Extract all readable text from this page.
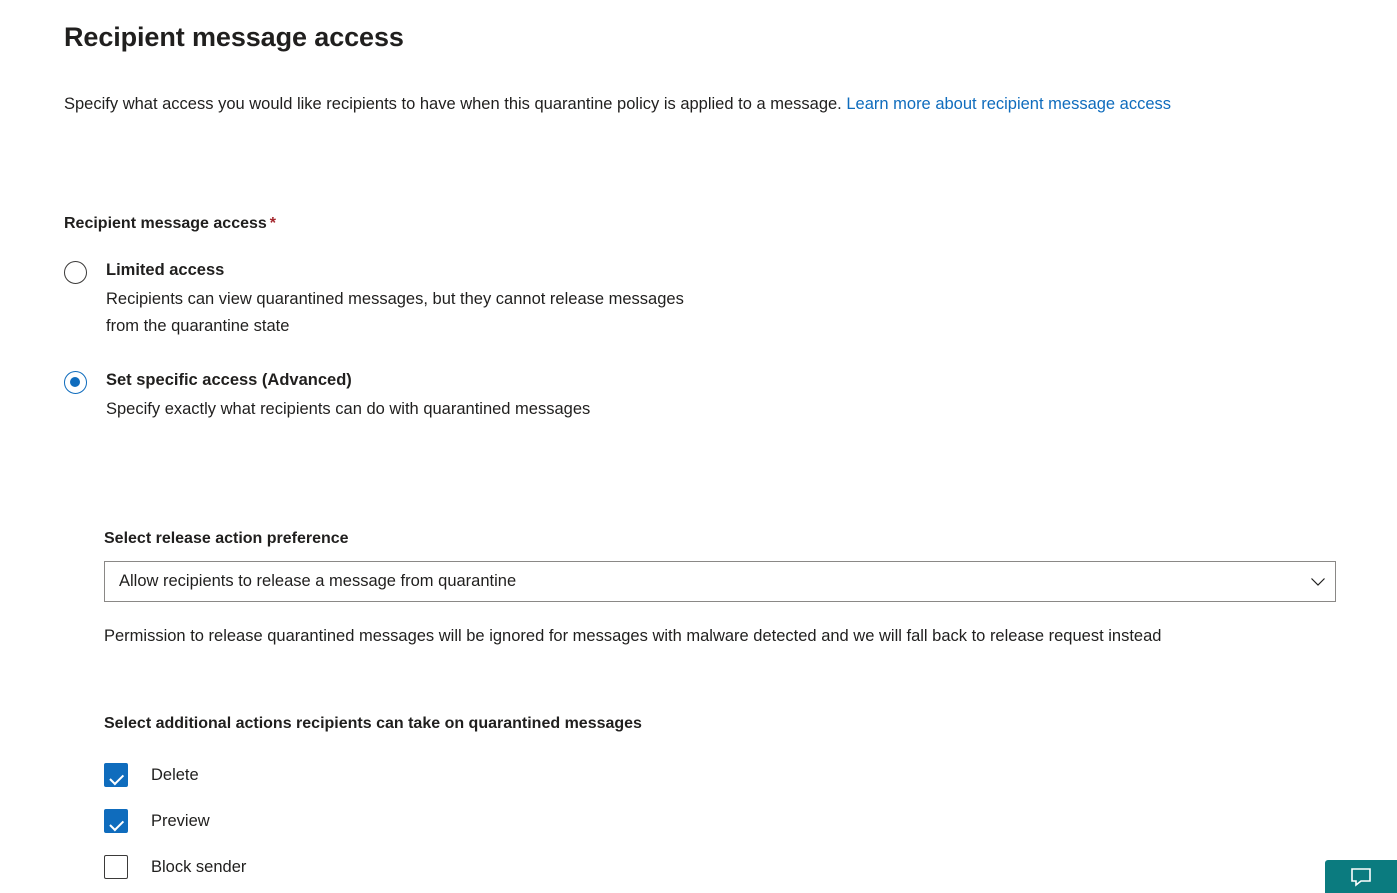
Recipient message access
Specify what access you would like recipients to have when this quarantine policy is applied to a message. Learn more about recipient message access
Recipient message access *
Limited access
Recipients can view quarantined messages, but they cannot release messages
from the quarantine state
Set specific access (Advanced)
Specify exactly what recipients can do with quarantined messages
Select release action preference
Allow recipients to release a message from quarantine
Permission to release quarantined messages will be ignored for messages with malware detected and we will fall back to release request instead
Select additional actions recipients can take on quarantined messages
Delete
Preview
Block sender
